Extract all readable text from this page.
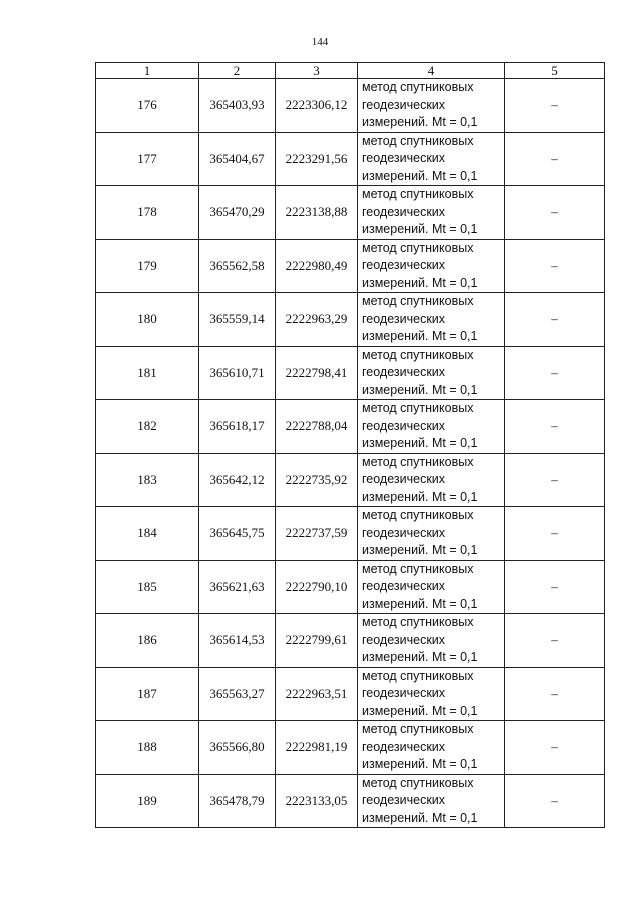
144
1	2	3	4	5
176	365403,93	2223306,12	метод спутниковых
геодезических
измерений. Mt = 0,1	–
177	365404,67	2223291,56	метод спутниковых
геодезических
измерений. Mt = 0,1	–
178	365470,29	2223138,88	метод спутниковых
геодезических
измерений. Mt = 0,1	–
179	365562,58	2222980,49	метод спутниковых
геодезических
измерений. Mt = 0,1	–
180	365559,14	2222963,29	метод спутниковых
геодезических
измерений. Mt = 0,1	–
181	365610,71	2222798,41	метод спутниковых
геодезических
измерений. Mt = 0,1	–
182	365618,17	2222788,04	метод спутниковых
геодезических
измерений. Mt = 0,1	–
183	365642,12	2222735,92	метод спутниковых
геодезических
измерений. Mt = 0,1	–
184	365645,75	2222737,59	метод спутниковых
геодезических
измерений. Mt = 0,1	–
185	365621,63	2222790,10	метод спутниковых
геодезических
измерений. Mt = 0,1	–
186	365614,53	2222799,61	метод спутниковых
геодезических
измерений. Mt = 0,1	–
187	365563,27	2222963,51	метод спутниковых
геодезических
измерений. Mt = 0,1	–
188	365566,80	2222981,19	метод спутниковых
геодезических
измерений. Mt = 0,1	–
189	365478,79	2223133,05	метод спутниковых
геодезических
измерений. Mt = 0,1	–
